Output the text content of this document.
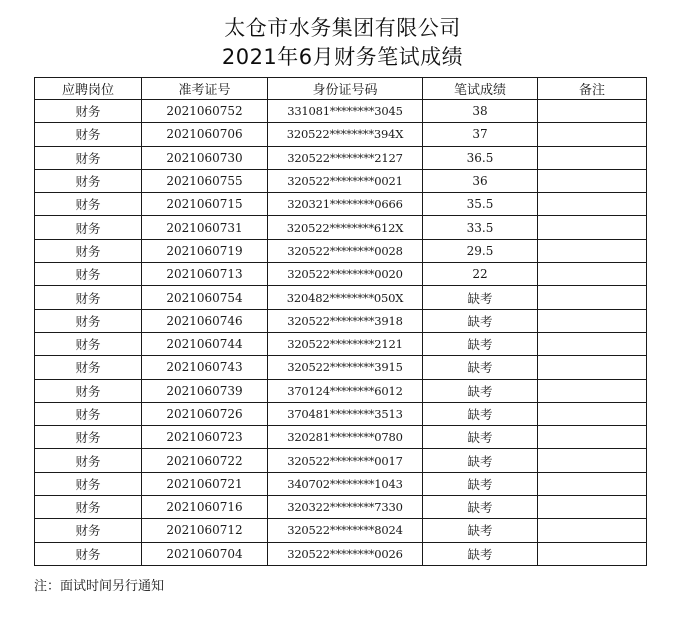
太仓市水务集团有限公司
2021年6月财务笔试成绩
应聘岗位	准考证号	身份证号码	笔试成绩	备注
财务	2021060752	331081********3045	38	
财务	2021060706	320522********394X	37	
财务	2021060730	320522********2127	36.5	
财务	2021060755	320522********0021	36	
财务	2021060715	320321********0666	35.5	
财务	2021060731	320522********612X	33.5	
财务	2021060719	320522********0028	29.5	
财务	2021060713	320522********0020	22	
财务	2021060754	320482********050X	缺考	
财务	2021060746	320522********3918	缺考	
财务	2021060744	320522********2121	缺考	
财务	2021060743	320522********3915	缺考	
财务	2021060739	370124********6012	缺考	
财务	2021060726	370481********3513	缺考	
财务	2021060723	320281********0780	缺考	
财务	2021060722	320522********0017	缺考	
财务	2021060721	340702********1043	缺考	
财务	2021060716	320322********7330	缺考	
财务	2021060712	320522********8024	缺考	
财务	2021060704	320522********0026	缺考	
注：面试时间另行通知
